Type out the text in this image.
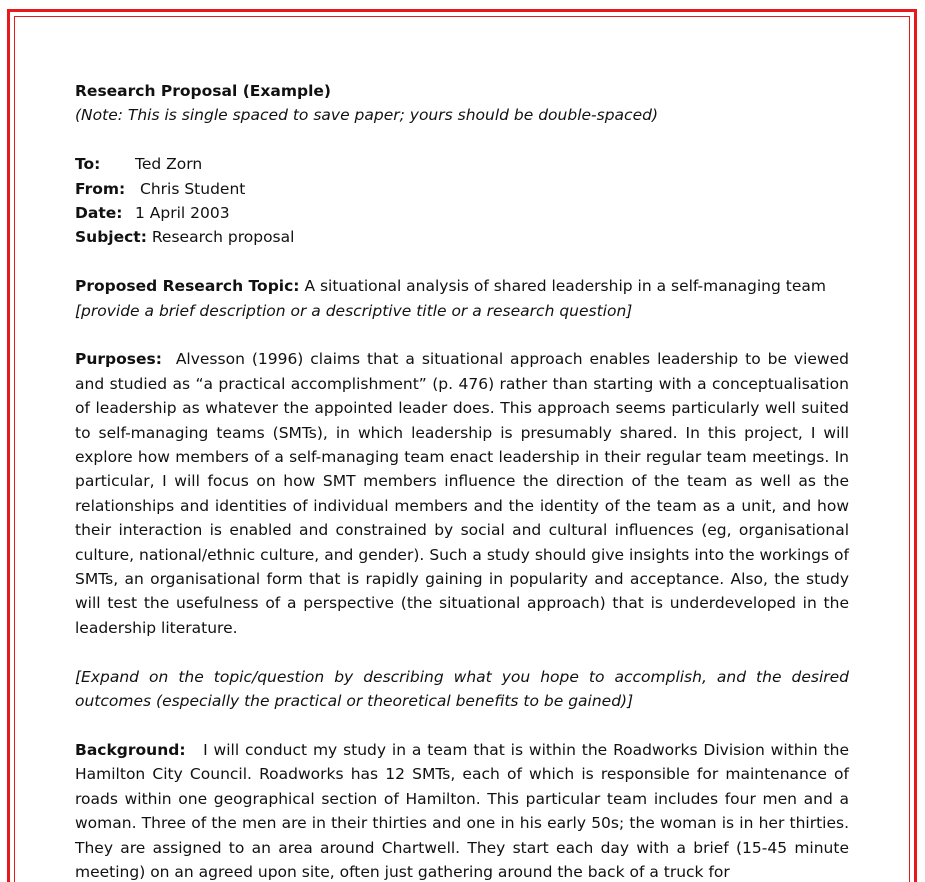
Research Proposal (Example)

(Note: This is single spaced to save paper; yours should be double-spaced)

To: Ted Zorn

From: Chris Student

Date: 1 April 2003

Subject: Research proposal

Proposed Research Topic: A situational analysis of shared leadership in a self-managing team

[provide a brief description or a descriptive title or a research question]

Purposes: Alvesson (1996) claims that a situational approach enables leadership to be viewed and studied as “a practical accomplishment” (p. 476) rather than starting with a conceptualisation of leadership as whatever the appointed leader does. This approach seems particularly well suited to self-managing teams (SMTs), in which leadership is presumably shared. In this project, I will explore how members of a self-managing team enact leadership in their regular team meetings. In particular, I will focus on how SMT members influence the direction of the team as well as the relationships and identities of individual members and the identity of the team as a unit, and how their interaction is enabled and constrained by social and cultural influences (eg, organisational culture, national/ethnic culture, and gender). Such a study should give insights into the workings of SMTs, an organisational form that is rapidly gaining in popularity and acceptance. Also, the study will test the usefulness of a perspective (the situational approach) that is underdeveloped in the leadership literature.

[Expand on the topic/question by describing what you hope to accomplish, and the desired outcomes (especially the practical or theoretical benefits to be gained)]

Background: I will conduct my study in a team that is within the Roadworks Division within the Hamilton City Council. Roadworks has 12 SMTs, each of which is responsible for maintenance of roads within one geographical section of Hamilton. This particular team includes four men and a woman. Three of the men are in their thirties and one in his early 50s; the woman is in her thirties. They are assigned to an area around Chartwell. They start each day with a brief (15-45 minute meeting) on an agreed upon site, often just gathering around the back of a truck for
